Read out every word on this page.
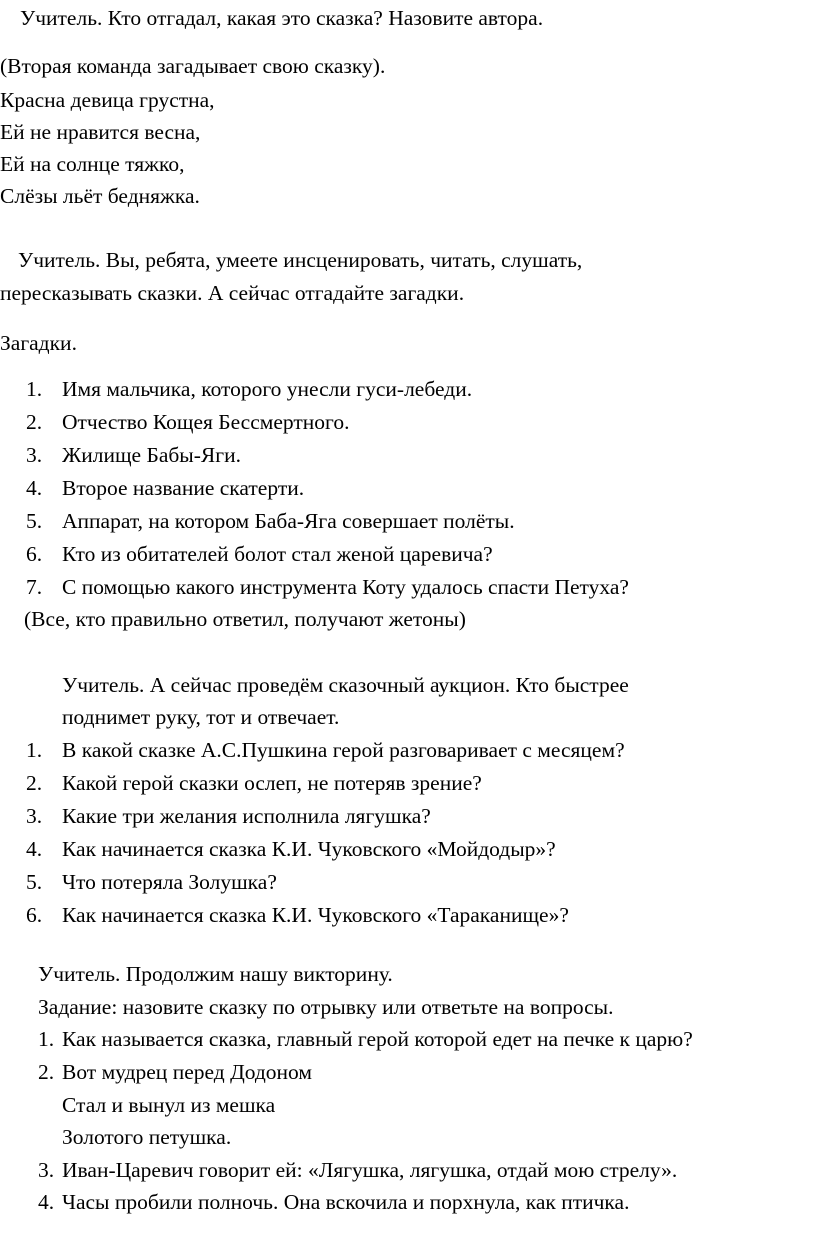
Учитель. Кто отгадал, какая это сказка? Назовите автора.
(Вторая команда загадывает свою сказку).
Красна девица грустна,
Ей не нравится весна,
Ей на солнце тяжко,
Слёзы льёт бедняжка.
Учитель. Вы, ребята, умеете инсценировать, читать, слушать,
пересказывать сказки. А сейчас отгадайте загадки.
Загадки.
1. Имя мальчика, которого унесли гуси-лебеди.
2. Отчество Кощея Бессмертного.
3. Жилище Бабы-Яги.
4. Второе название скатерти.
5. Аппарат, на котором Баба-Яга совершает полёты.
6. Кто из обитателей болот стал женой царевича?
7. С помощью какого инструмента Коту удалось спасти Петуха?
(Все, кто правильно ответил, получают жетоны)
Учитель. А сейчас проведём сказочный аукцион. Кто быстрее
поднимет руку, тот и отвечает.
1. В какой сказке А.С.Пушкина герой разговаривает с месяцем?
2. Какой герой сказки ослеп, не потеряв зрение?
3. Какие три желания исполнила лягушка?
4. Как начинается сказка К.И. Чуковского «Мойдодыр»?
5. Что потеряла Золушка?
6. Как начинается сказка К.И. Чуковского «Тараканище»?
Учитель. Продолжим нашу викторину.
Задание: назовите сказку по отрывку или ответьте на вопросы.
1. Как называется сказка, главный герой которой едет на печке к царю?
2. Вот мудрец перед Додоном
Стал и вынул из мешка
Золотого петушка.
3. Иван-Царевич говорит ей: «Лягушка, лягушка, отдай мою стрелу».
4. Часы пробили полночь. Она вскочила и порхнула, как птичка.
